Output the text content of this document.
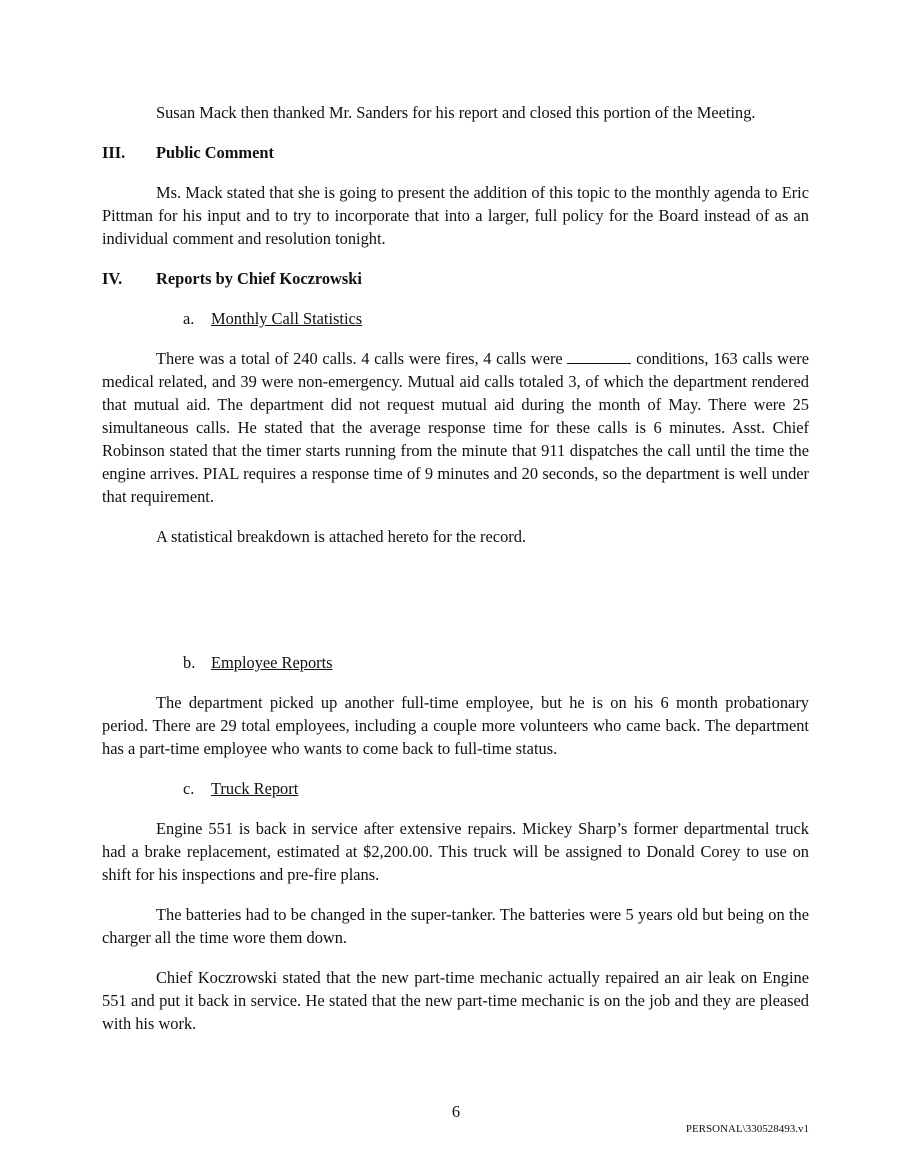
Susan Mack then thanked Mr. Sanders for his report and closed this portion of the Meeting.

III.	Public Comment

Ms. Mack stated that she is going to present the addition of this topic to the monthly agenda to Eric Pittman for his input and to try to incorporate that into a larger, full policy for the Board instead of as an individual comment and resolution tonight.

IV.	Reports by Chief Koczrowski
a.	Monthly Call Statistics

There was a total of 240 calls. 4 calls were fires, 4 calls were	conditions, 163 calls were medical related, and 39 were non-emergency. Mutual aid calls totaled 3, of which the department rendered that mutual aid. The department did not request mutual aid during the month of May. There were 25 simultaneous calls. He stated that the average response time for these calls is 6 minutes. Asst. Chief Robinson stated that the timer starts running from the minute that 911 dispatches the call until the time the engine arrives. PIAL requires a response time of 9 minutes and 20 seconds, so the department is well under that requirement.

A statistical breakdown is attached hereto for the record.

b. Employee Reports

The department picked up another full-time employee, but he is on his 6 month probationary period. There are 29 total employees, including a couple more volunteers who came back. The department has a part-time employee who wants to come back to full-time status.

c.	Truck Report

Engine 551 is back in service after extensive repairs. Mickey Sharp’s former departmental truck had a brake replacement, estimated at $2,200.00. This truck will be assigned to Donald Corey to use on shift for his inspections and pre-fire plans.

The batteries had to be changed in the super-tanker. The batteries were 5 years old but being on the charger all the time wore them down.

Chief Koczrowski stated that the new part-time mechanic actually repaired an air leak on Engine 551 and put it back in service. He stated that the new part-time mechanic is on the job and they are pleased with his work.

6
PERSONAL\330528493.v1
